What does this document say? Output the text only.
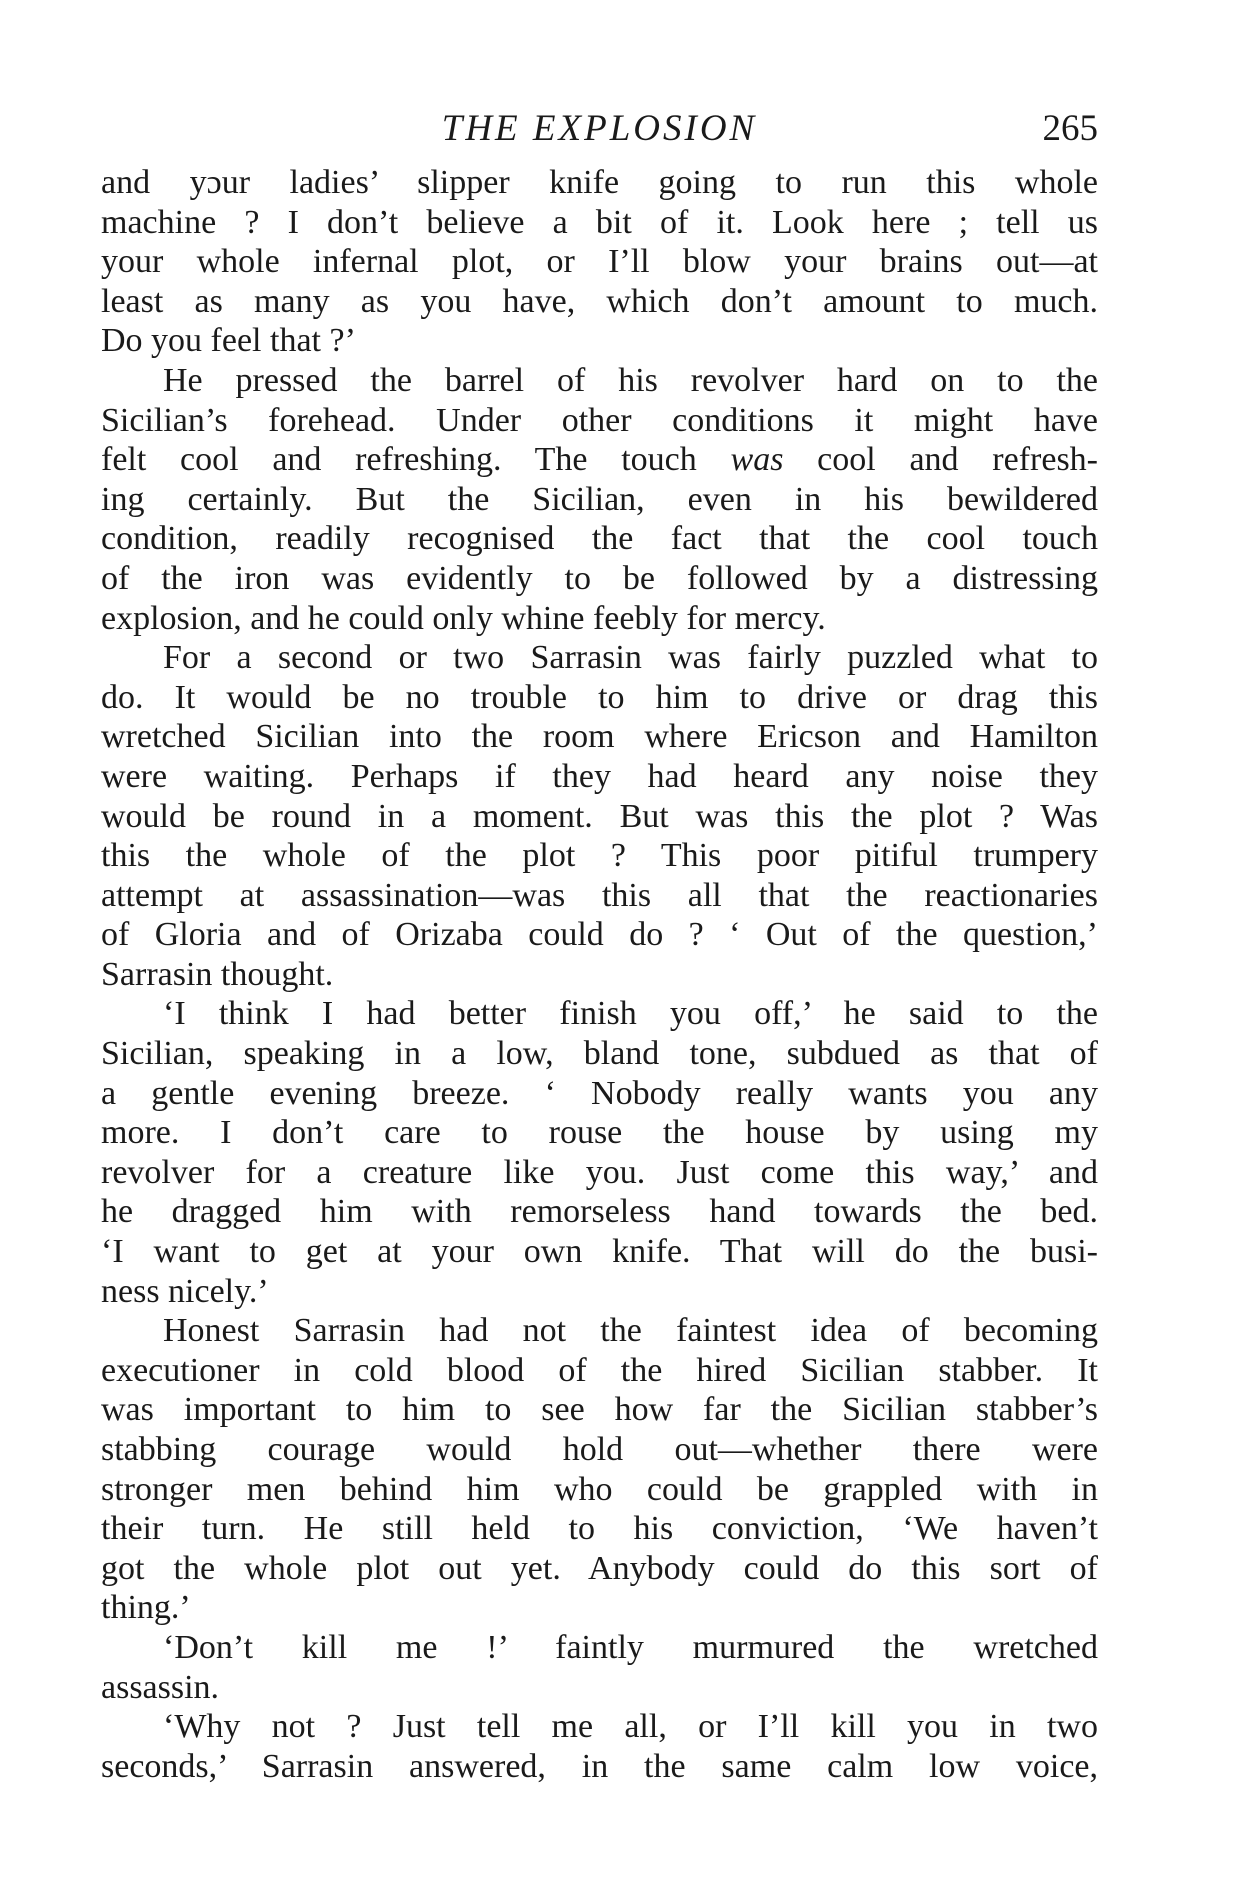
THE EXPLOSION	265
and yɔur ladies’ slipper knife going to run this whole
machine ? I don’t believe a bit of it. Look here ; tell us
your whole infernal plot, or I’ll blow your brains out—at
least as many as you have, which don’t amount to much.
Do you feel that ?’
He pressed the barrel of his revolver hard on to the
Sicilian’s forehead. Under other conditions it might have
felt cool and refreshing. The touch was cool and refresh-
ing certainly. But the Sicilian, even in his bewildered
condition, readily recognised the fact that the cool touch
of the iron was evidently to be followed by a distressing
explosion, and he could only whine feebly for mercy.
For a second or two Sarrasin was fairly puzzled what to
do. It would be no trouble to him to drive or drag this
wretched Sicilian into the room where Ericson and Hamilton
were waiting. Perhaps if they had heard any noise they
would be round in a moment. But was this the plot ? Was
this the whole of the plot ? This poor pitiful trumpery
attempt at assassination—was this all that the reactionaries
of Gloria and of Orizaba could do ? ‘ Out of the question,’
Sarrasin thought.
‘I think I had better finish you off,’ he said to the
Sicilian, speaking in a low, bland tone, subdued as that of
a gentle evening breeze. ‘ Nobody really wants you any
more. I don’t care to rouse the house by using my
revolver for a creature like you. Just come this way,’ and
he dragged him with remorseless hand towards the bed.
‘I want to get at your own knife. That will do the busi-
ness nicely.’
Honest Sarrasin had not the faintest idea of becoming
executioner in cold blood of the hired Sicilian stabber. It
was important to him to see how far the Sicilian stabber’s
stabbing courage would hold out—whether there were
stronger men behind him who could be grappled with in
their turn. He still held to his conviction, ‘We haven’t
got the whole plot out yet. Anybody could do this sort of
thing.’
‘Don’t kill me !’ faintly murmured the wretched
assassin.
‘Why not ? Just tell me all, or I’ll kill you in two
seconds,’ Sarrasin answered, in the same calm low voice,
